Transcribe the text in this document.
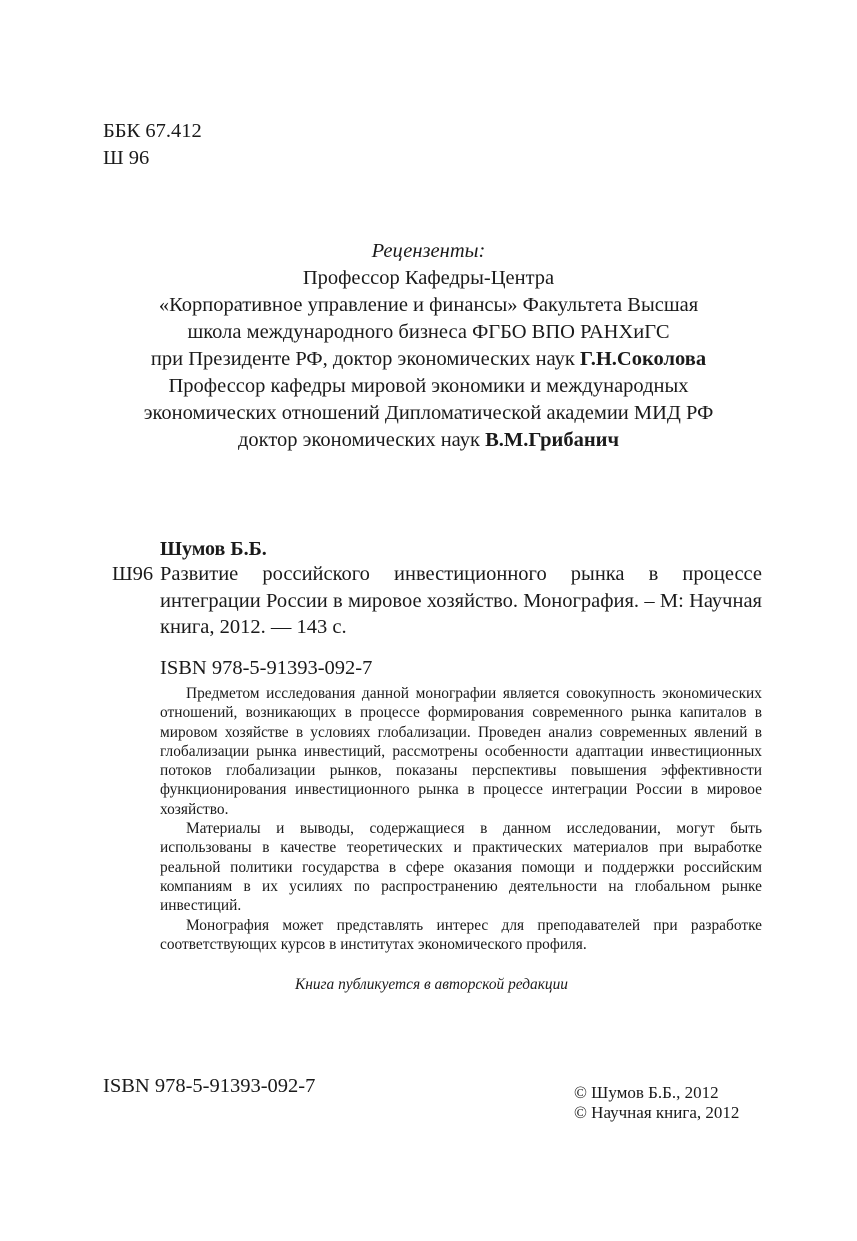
ББК 67.412
Ш 96
Рецензенты:
Профессор Кафедры-Центра
«Корпоративное управление и финансы» Факультета Высшая
школа международного бизнеса ФГБО ВПО РАНХиГС
при Президенте РФ, доктор экономических наук Г.Н.Соколова
Профессор кафедры мировой экономики и международных
экономических отношений Дипломатической академии МИД РФ
доктор экономических наук В.М.Грибанич
Шумов Б.Б.
Ш96 Развитие российского инвестиционного рынка в процессе интеграции России в мировое хозяйство. Монография. – М: Научная книга, 2012. — 143 с.
ISBN 978-5-91393-092-7

Предметом исследования данной монографии является совокупность экономических отношений, возникающих в процессе формирования современного рынка капиталов в мировом хозяйстве в условиях глобализации. Проведен анализ современных явлений в глобализации рынка инвестиций, рассмотрены особенности адаптации инвестиционных потоков глобализации рынков, показаны перспективы повышения эффективности функционирования инвестиционного рынка в процессе интеграции России в мировое хозяйство.

Материалы и выводы, содержащиеся в данном исследовании, могут быть использованы в качестве теоретических и практических материалов при выработке реальной политики государства в сфере оказания помощи и поддержки российским компаниям в их усилиях по распространению деятельности на глобальном рынке инвестиций.

Монография может представлять интерес для преподавателей при разработке соответствующих курсов в институтах экономического профиля.

Книга публикуется в авторской редакции
ISBN 978-5-91393-092-7	© Шумов Б.Б., 2012
© Научная книга, 2012
